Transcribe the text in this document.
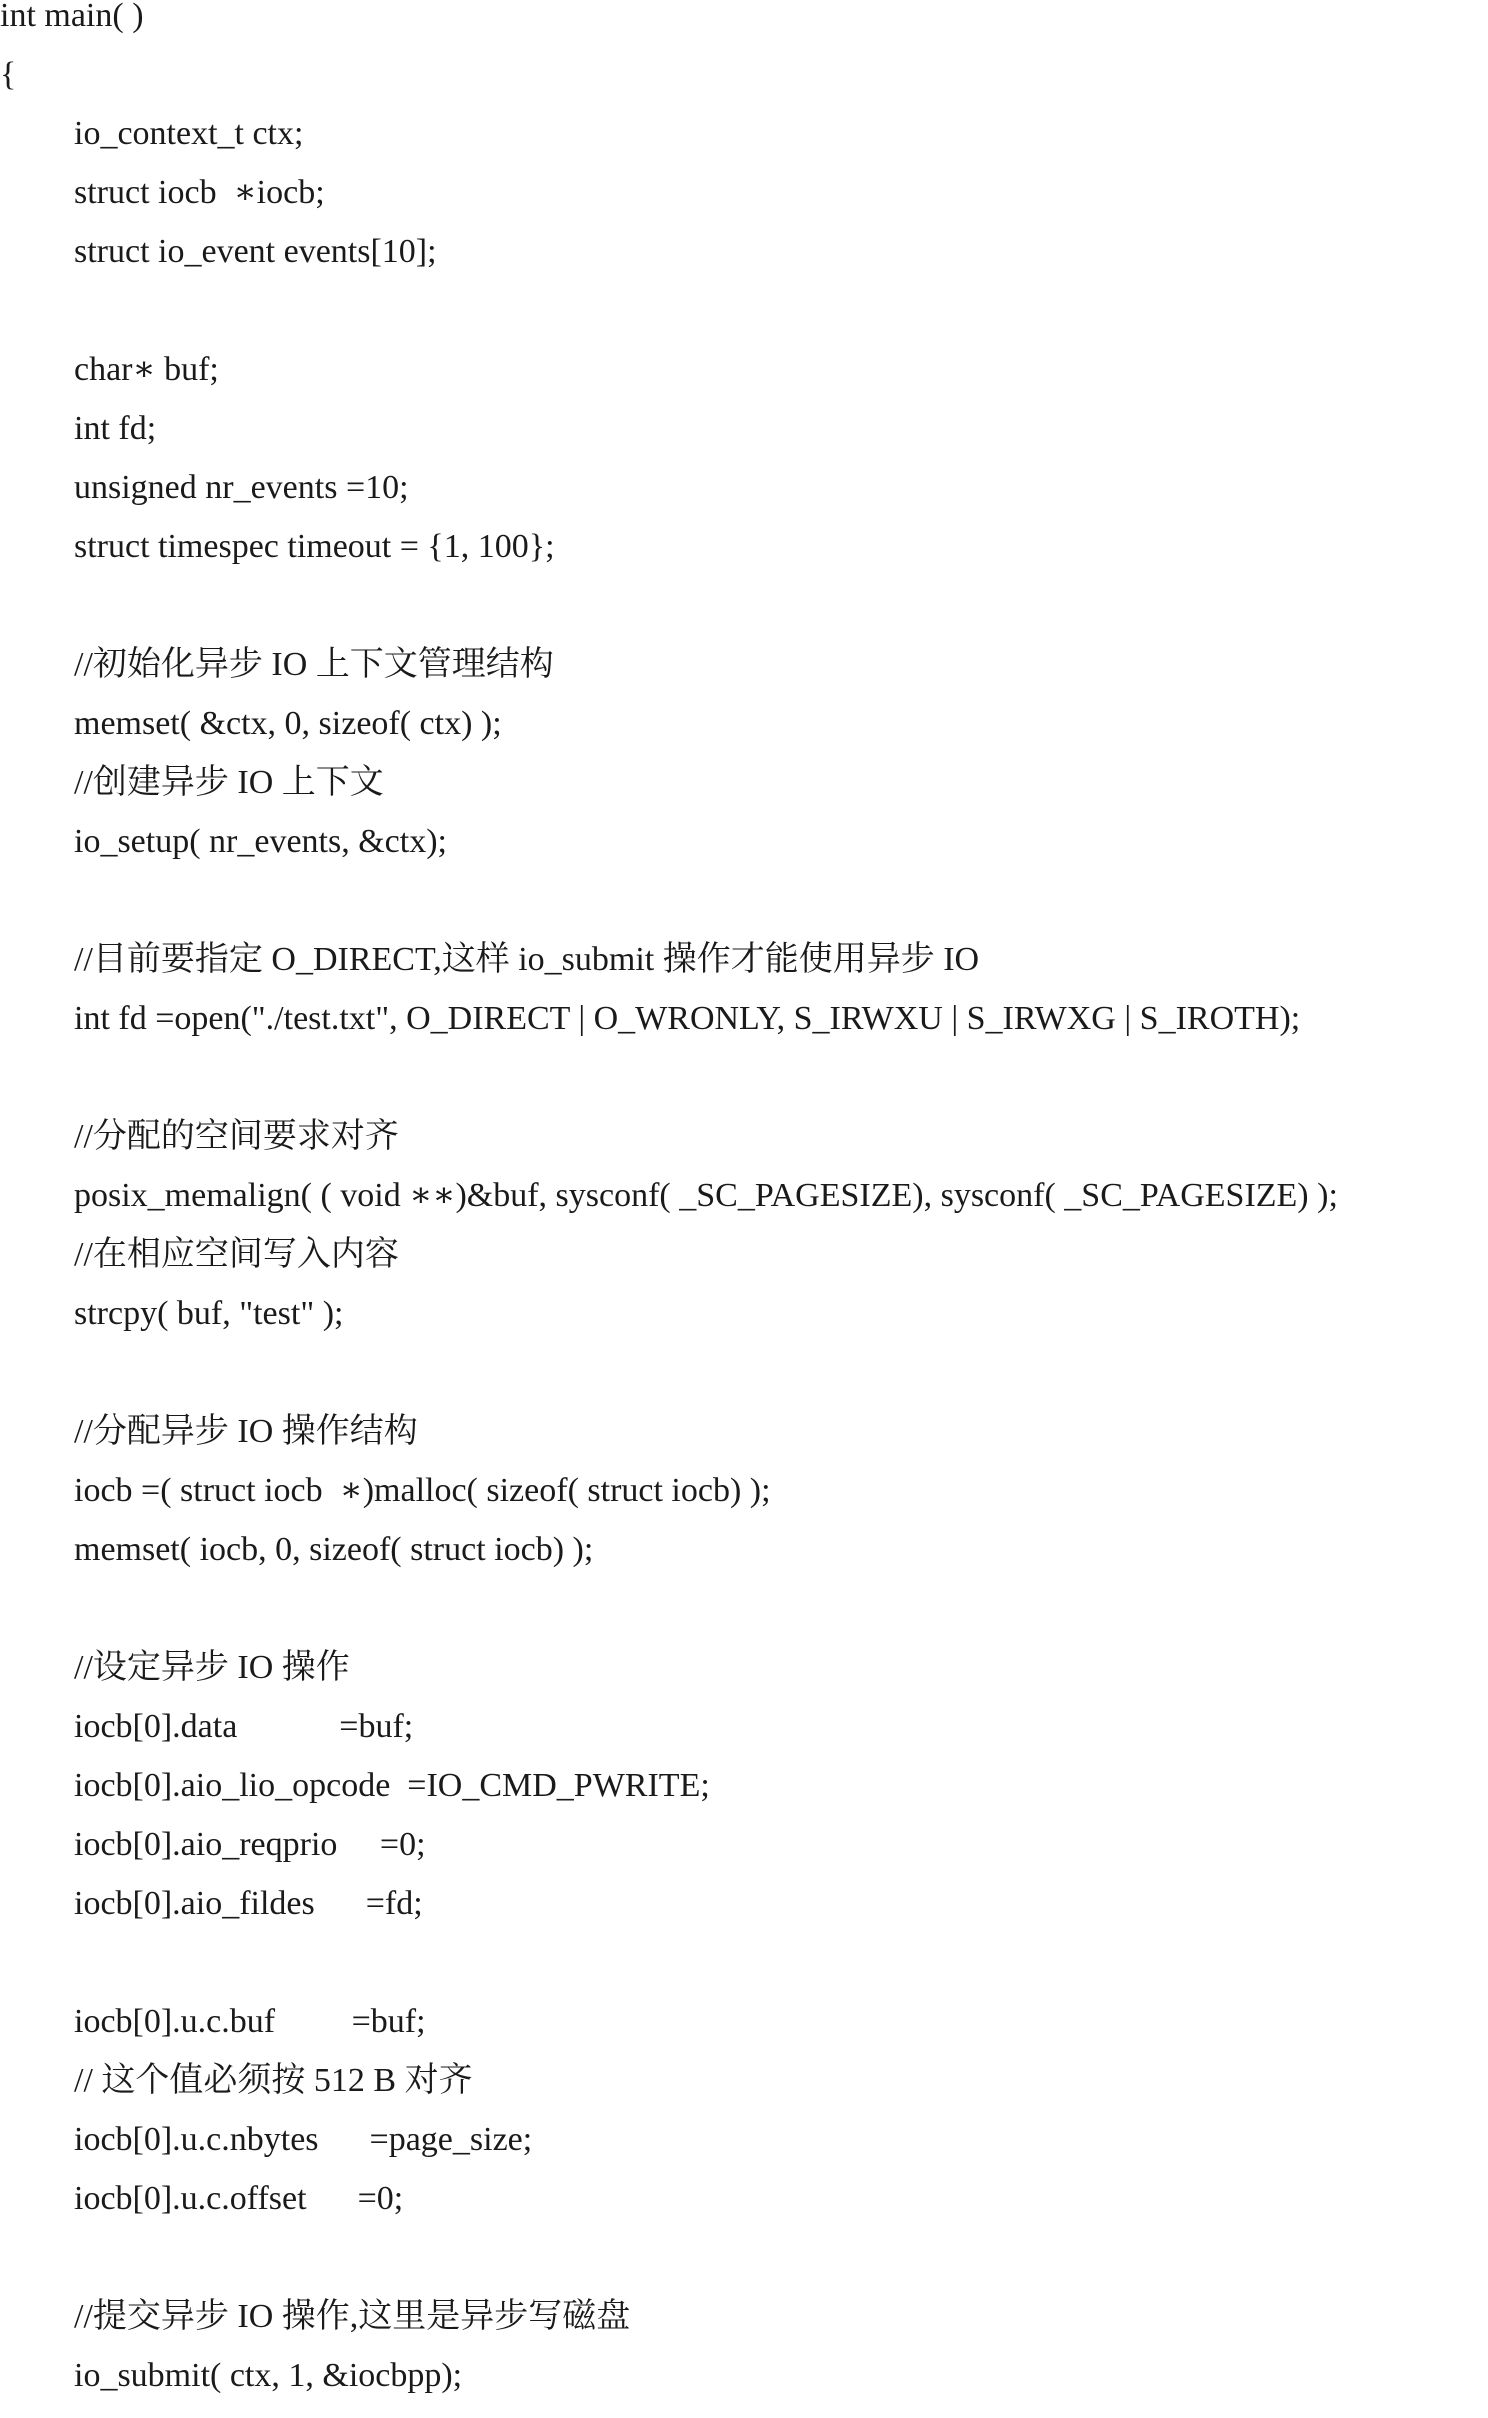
int main( )
{
io_context_t ctx;
struct iocb  ∗iocb;
struct io_event events[10];
char∗ buf;
int fd;
unsigned nr_events =10;
struct timespec timeout = {1, 100};
//初始化异步 IO 上下文管理结构
memset( &ctx, 0, sizeof( ctx) );
//创建异步 IO 上下文
io_setup( nr_events, &ctx);
//目前要指定 O_DIRECT,这样 io_submit 操作才能使用异步 IO
int fd =open("./test.txt", O_DIRECT | O_WRONLY, S_IRWXU | S_IRWXG | S_IROTH);
//分配的空间要求对齐
posix_memalign( ( void ∗∗)&buf, sysconf( _SC_PAGESIZE), sysconf( _SC_PAGESIZE) );
//在相应空间写入内容
strcpy( buf, "test" );
//分配异步 IO 操作结构
iocb =( struct iocb  ∗)malloc( sizeof( struct iocb) );
memset( iocb, 0, sizeof( struct iocb) );
//设定异步 IO 操作
iocb[0].data            =buf;
iocb[0].aio_lio_opcode  =IO_CMD_PWRITE;
iocb[0].aio_reqprio     =0;
iocb[0].aio_fildes      =fd;
iocb[0].u.c.buf         =buf;
// 这个值必须按 512 B 对齐
iocb[0].u.c.nbytes      =page_size;
iocb[0].u.c.offset      =0;
//提交异步 IO 操作,这里是异步写磁盘
io_submit( ctx, 1, &iocbpp);
